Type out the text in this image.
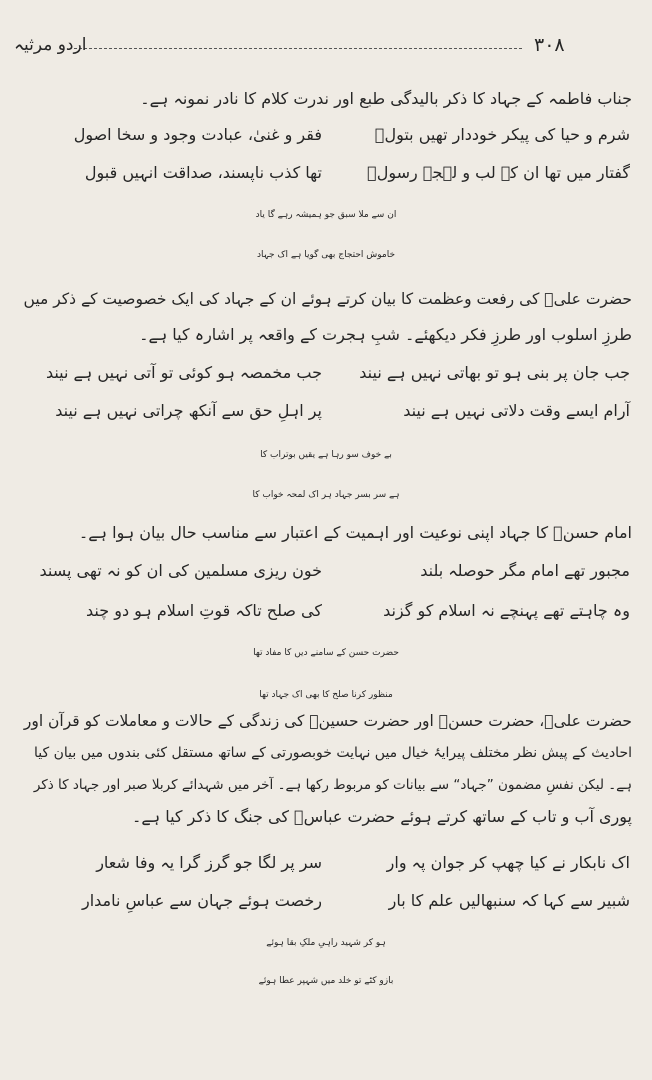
۳۰۸
اردو مرثیہ
جناب فاطمہ کے جہاد کا ذکر بالیدگی طبع اور ندرت کلام کا نادر نمونہ ہے۔
شرم و حیا کی پیکر خوددار تھیں بتولؑ
فقر و غنیٰ، عبادت وجود و سخا اصول
گفتار میں تھا ان کے لب و لہجۂ رسولؐ
تھا کذب ناپسند، صداقت انہیں قبول
ان سے ملا سبق جو ہمیشہ رہے گا یاد
خاموش احتجاج بھی گویا ہے اک جہاد
حضرت علیؑ کی رفعت وعظمت کا بیان کرتے ہوئے ان کے جہاد کی ایک خصوصیت کے ذکر میں
طرزِ اسلوب اور طرزِ فکر دیکھئے۔ شبِ ہجرت کے واقعہ پر اشارہ کیا ہے۔
جب جان پر بنی ہو تو بھاتی نہیں ہے نیند
جب مخمصہ ہو کوئی تو آتی نہیں ہے نیند
آرام ایسے وقت دلاتی نہیں ہے نیند
پر اہلِ حق سے آنکھ چراتی نہیں ہے نیند
بے خوف سو رہا ہے یقیں بوتراب کا
ہے سر بسر جہاد ہر اک لمحہ خواب کا
امام حسنؑ کا جہاد اپنی نوعیت اور اہمیت کے اعتبار سے مناسب حال بیان ہوا ہے۔
مجبور تھے امام مگر حوصلہ بلند
خون ریزی مسلمین کی ان کو نہ تھی پسند
وہ چاہتے تھے پہنچے نہ اسلام کو گزند
کی صلح تاکہ قوتِ اسلام ہو دو چند
حضرت حسن کے سامنے دیں کا مفاد تھا
منظور کرنا صلح کا بھی اک جہاد تھا
حضرت علیؑ، حضرت حسنؑ اور حضرت حسینؑ کی زندگی کے حالات و معاملات کو قرآن اور
احادیث کے پیش نظر مختلف پیرایۂ خیال میں نہایت خوبصورتی کے ساتھ مستقل کئی بندوں میں بیان کیا
ہے۔ لیکن نفسِ مضمون ”جہاد“ سے بیانات کو مربوط رکھا ہے۔ آخر میں شہدائے کربلا صبر اور جہاد کا ذکر
پوری آب و تاب کے ساتھ کرتے ہوئے حضرت عباسؑ کی جنگ کا ذکر کیا ہے۔
اک نابکار نے کیا چھپ کر جوان پہ وار
سر پر لگا جو گرز گرا یہ وفا شعار
شبیر سے کہا کہ سنبھالیں علم کا بار
رخصت ہوئے جہان سے عباسِ نامدار
ہو کر شہید راہیِ ملکِ بقا ہوئے
بازو کٹے تو خلد میں شہپر عطا ہوئے
